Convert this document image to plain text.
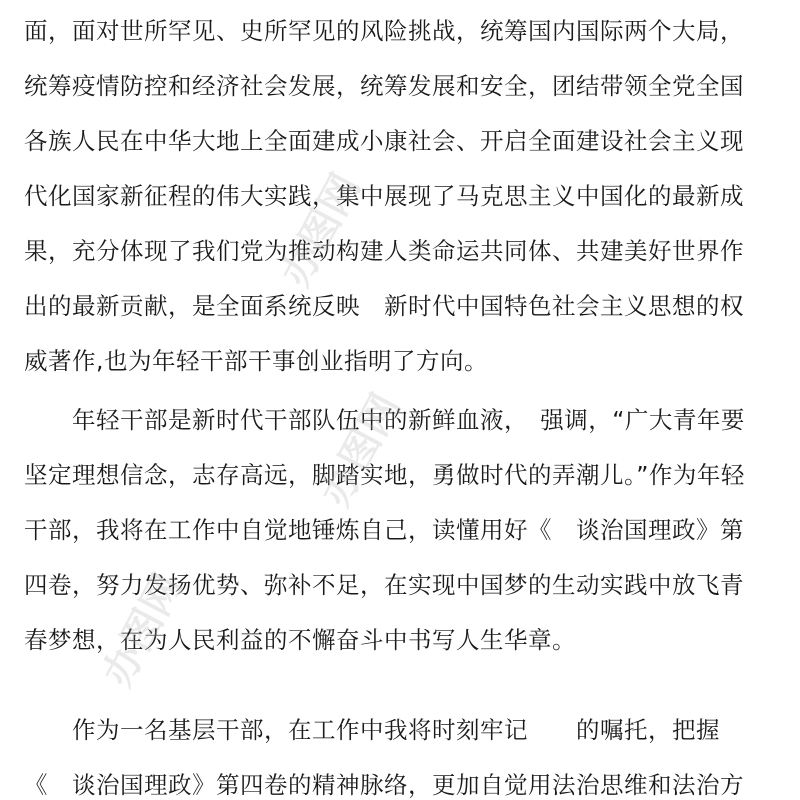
面，面对世所罕见、史所罕见的风险挑战，统筹国内国际两个大局，
统筹疫情防控和经济社会发展，统筹发展和安全，团结带领全党全国
各族人民在中华大地上全面建成小康社会、开启全面建设社会主义现
代化国家新征程的伟大实践，集中展现了马克思主义中国化的最新成
果，充分体现了我们党为推动构建人类命运共同体、共建美好世界作
出的最新贡献，是全面系统反映　新时代中国特色社会主义思想的权
威著作,也为年轻干部干事创业指明了方向。
　　年轻干部是新时代干部队伍中的新鲜血液，　强调，“广大青年要
坚定理想信念，志存高远，脚踏实地，勇做时代的弄潮儿。”作为年轻
干部，我将在工作中自觉地锤炼自己，读懂用好《　谈治国理政》第
四卷，努力发扬优势、弥补不足，在实现中国梦的生动实践中放飞青
春梦想，在为人民利益的不懈奋斗中书写人生华章。
　　作为一名基层干部，在工作中我将时刻牢记　　的嘱托，把握
《　谈治国理政》第四卷的精神脉络，更加自觉用法治思维和法治方
办图网
办图网
办图网
